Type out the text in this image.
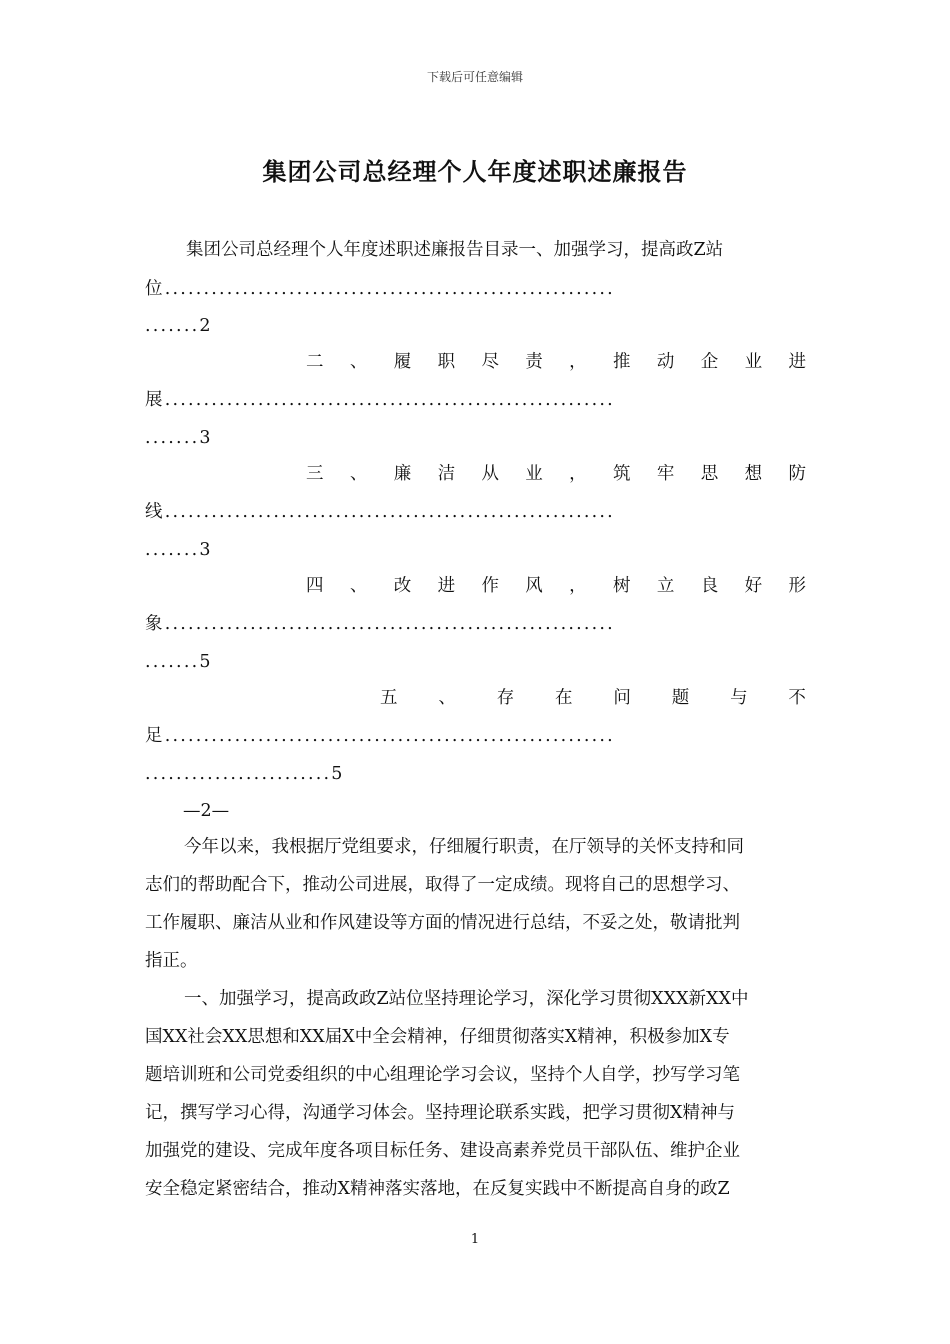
下载后可任意编辑
集团公司总经理个人年度述职述廉报告
集团公司总经理个人年度述职述廉报告目录一、加强学习，提高政Z站
位..........................................................
.......2
二 、 履 职 尽 责 ， 推 动 企 业 进
展..........................................................
.......3
三 、 廉 洁 从 业 ， 筑 牢 思 想 防
线..........................................................
.......3
四 、 改 进 作 风 ， 树 立 良 好 形
象..........................................................
.......5
五 、 存 在 问 题 与 不
足..........................................................
........................5
—2—
今年以来，我根据厅党组要求，仔细履行职责，在厅领导的关怀支持和同
志们的帮助配合下，推动公司进展，取得了一定成绩。现将自己的思想学习、
工作履职、廉洁从业和作风建设等方面的情况进行总结，不妥之处，敬请批判
指正。
一、加强学习，提高政政Z站位坚持理论学习，深化学习贯彻XXX新XX中
国XX社会XX思想和XX届X中全会精神，仔细贯彻落实X精神，积极参加X专
题培训班和公司党委组织的中心组理论学习会议，坚持个人自学，抄写学习笔
记，撰写学习心得，沟通学习体会。坚持理论联系实践，把学习贯彻X精神与
加强党的建设、完成年度各项目标任务、建设高素养党员干部队伍、维护企业
安全稳定紧密结合，推动X精神落实落地，在反复实践中不断提高自身的政Z
1
